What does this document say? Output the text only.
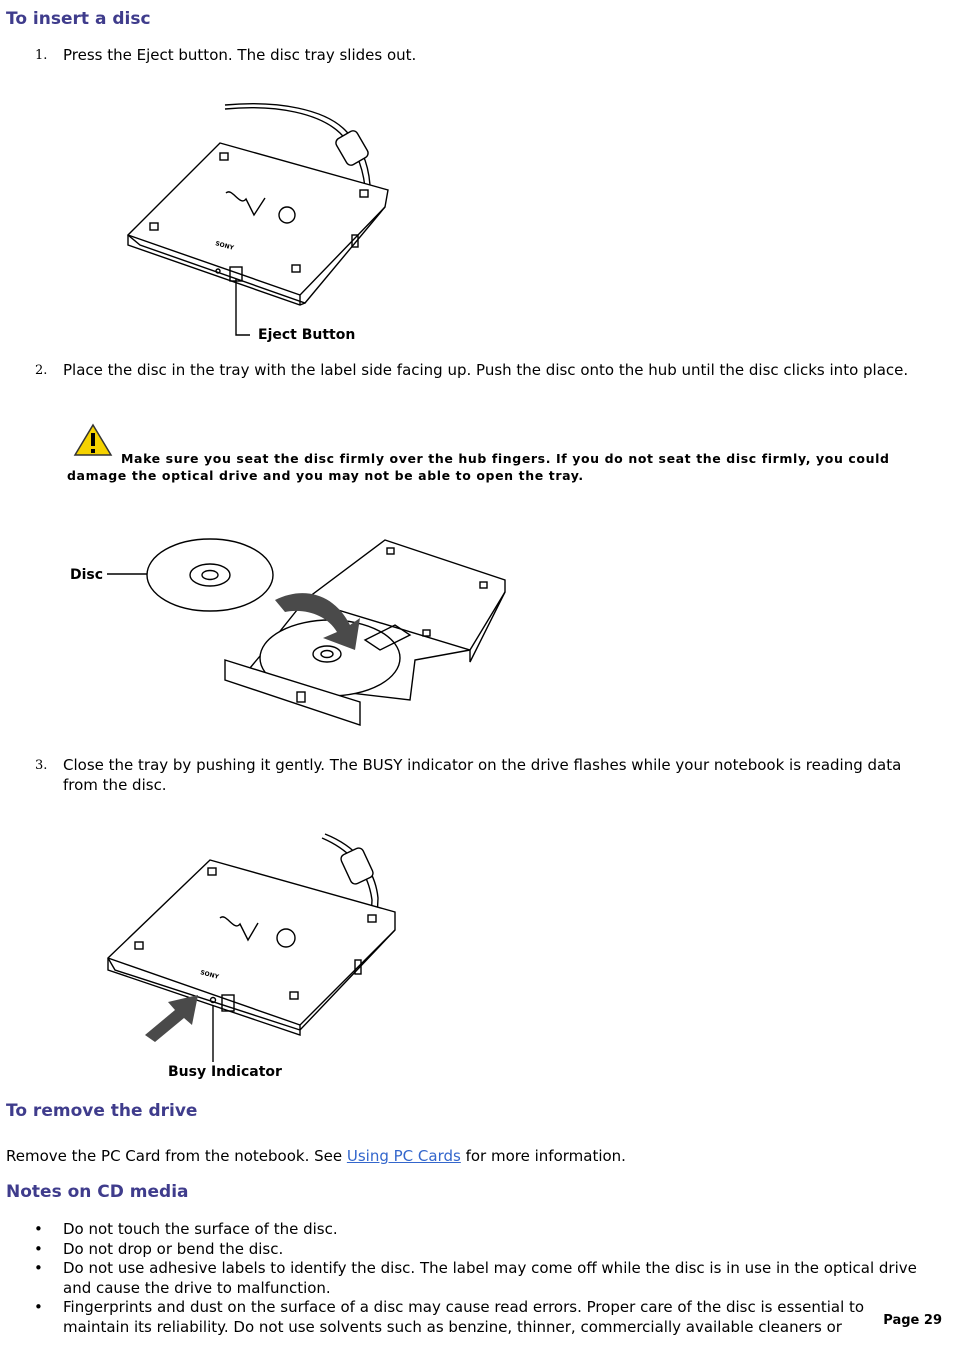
To insert a disc
1. Press the Eject button. The disc tray slides out.
SONY
Eject Button
2. Place the disc in the tray with the label side facing up. Push the disc onto the hub until the disc clicks into place.
Make sure you seat the disc firmly over the hub fingers. If you do not seat the disc firmly, you could damage the optical drive and you may not be able to open the tray.
Disc
3. Close the tray by pushing it gently. The BUSY indicator on the drive flashes while your notebook is reading data from the disc.
SONY
Busy Indicator
To remove the drive
Remove the PC Card from the notebook. See Using PC Cards for more information.
Notes on CD media
• Do not touch the surface of the disc.
• Do not drop or bend the disc.
• Do not use adhesive labels to identify the disc. The label may come off while the disc is in use in the optical drive and cause the drive to malfunction.
• Fingerprints and dust on the surface of a disc may cause read errors. Proper care of the disc is essential to maintain its reliability. Do not use solvents such as benzine, thinner, commercially available cleaners or	Page 29
